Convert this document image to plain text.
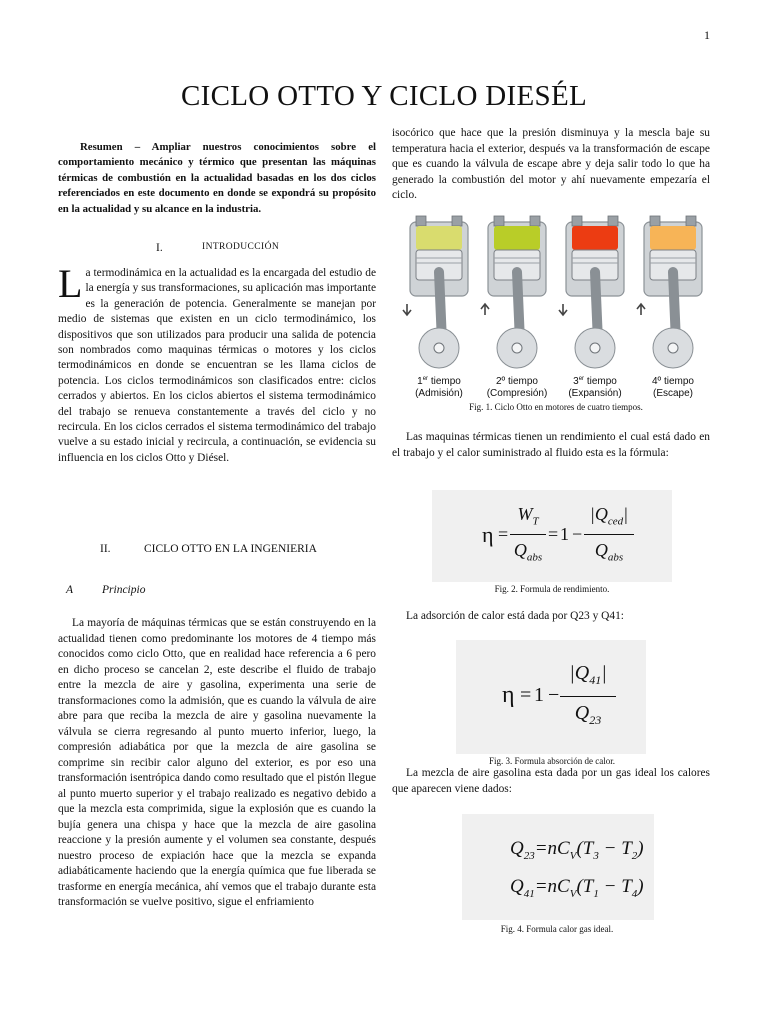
1
CICLO OTTO Y CICLO DIESÉL
Resumen – Ampliar nuestros conocimientos sobre el comportamiento mecánico y térmico que presentan las máquinas térmicas de combustión en la actualidad basadas en los dos ciclos referenciados en este documento en donde se expondrá su propósito en la actualidad y su alcance en la industria.
I.	INTRODUCCIÓN
La termodinámica en la actualidad es la encargada del estudio de la energía y sus transformaciones, su aplicación mas importante es la generación de potencia. Generalmente se manejan por medio de sistemas que existen en un ciclo termodinámico, los dispositivos que son utilizados para producir una salida de potencia son nombrados como maquinas térmicas o motores y los ciclos termodinámicos en donde se encuentran se les llama ciclos de potencia. Los ciclos termodinámicos son clasificados entre: ciclos cerrados y abiertos. En los ciclos abiertos el sistema termodinámico del trabajo se renueva constantemente a través del ciclo y no recircula. En los ciclos cerrados el sistema termodinámico del trabajo vuelve a su estado inicial y recircula, a continuación, se evidencia su influencia en los ciclos Otto y Diésel.
II.	CICLO OTTO EN LA INGENIERIA
A	Principio
La mayoría de máquinas térmicas que se están construyendo en la actualidad tienen como predominante los motores de 4 tiempo más conocidos como ciclo Otto, que en realidad hace referencia a 6 pero en dicho proceso se cancelan 2, este describe el fluido de trabajo entre la mezcla de aire y gasolina, experimenta una serie de transformaciones como la admisión, que es cuando la válvula de aire abre para que reciba la mezcla de aire y gasolina nuevamente la válvula se cierra regresando al punto muerto inferior, luego, la compresión adiabática por que la mezcla de aire gasolina se comprime sin recibir calor alguno del exterior, es por eso una transformación isentrópica dando como resultado que el pistón llegue al punto muerto superior y el trabajo realizado es negativo debido a que la mezcla esta comprimida, sigue la explosión que es cuando la bujía genera una chispa y hace que la mezcla de aire gasolina reaccione y la presión aumente y el volumen sea constante, después nuestro proceso de expiación hace que la mezcla se expanda adiabáticamente haciendo que la energía química que fue liberada se trasforme en energía mecánica, ahí vemos que el trabajo durante esta transformación se vuelve positivo, sigue el enfriamiento
isocórico que hace que la presión disminuya y la mescla baje su temperatura hacia el exterior, después va la transformación de escape que es cuando la válvula de escape abre y deja salir todo lo que ha generado la combustión del motor y ahí nuevamente empezaría el ciclo.
1er tiempo
(Admisión)
2º tiempo
(Compresión)
3er tiempo
(Expansión)
4º tiempo
(Escape)
Fig. 1. Ciclo Otto en motores de cuatro tiempos.
Las maquinas térmicas tienen un rendimiento el cual está dado en el trabajo y el calor suministrado al fluido esta es la fórmula:
η =
$W_T$
$Q_{abs}$
= 1 −
$|Q_{ced}|$
$Q_{abs}$
Fig. 2. Formula de rendimiento.
La adsorción de calor está dada por Q23 y Q41:
η = 1 −
$|Q_{41}|$
$Q_{23}$
Fig. 3. Formula absorción de calor.
La mezcla de aire gasolina esta dada por un gas ideal los calores que aparecen viene dados:
$Q_{23}=nC_V(T_3 - T_2)$
$Q_{41}=nC_V(T_1 - T_4)$
Fig. 4. Formula calor gas ideal.
